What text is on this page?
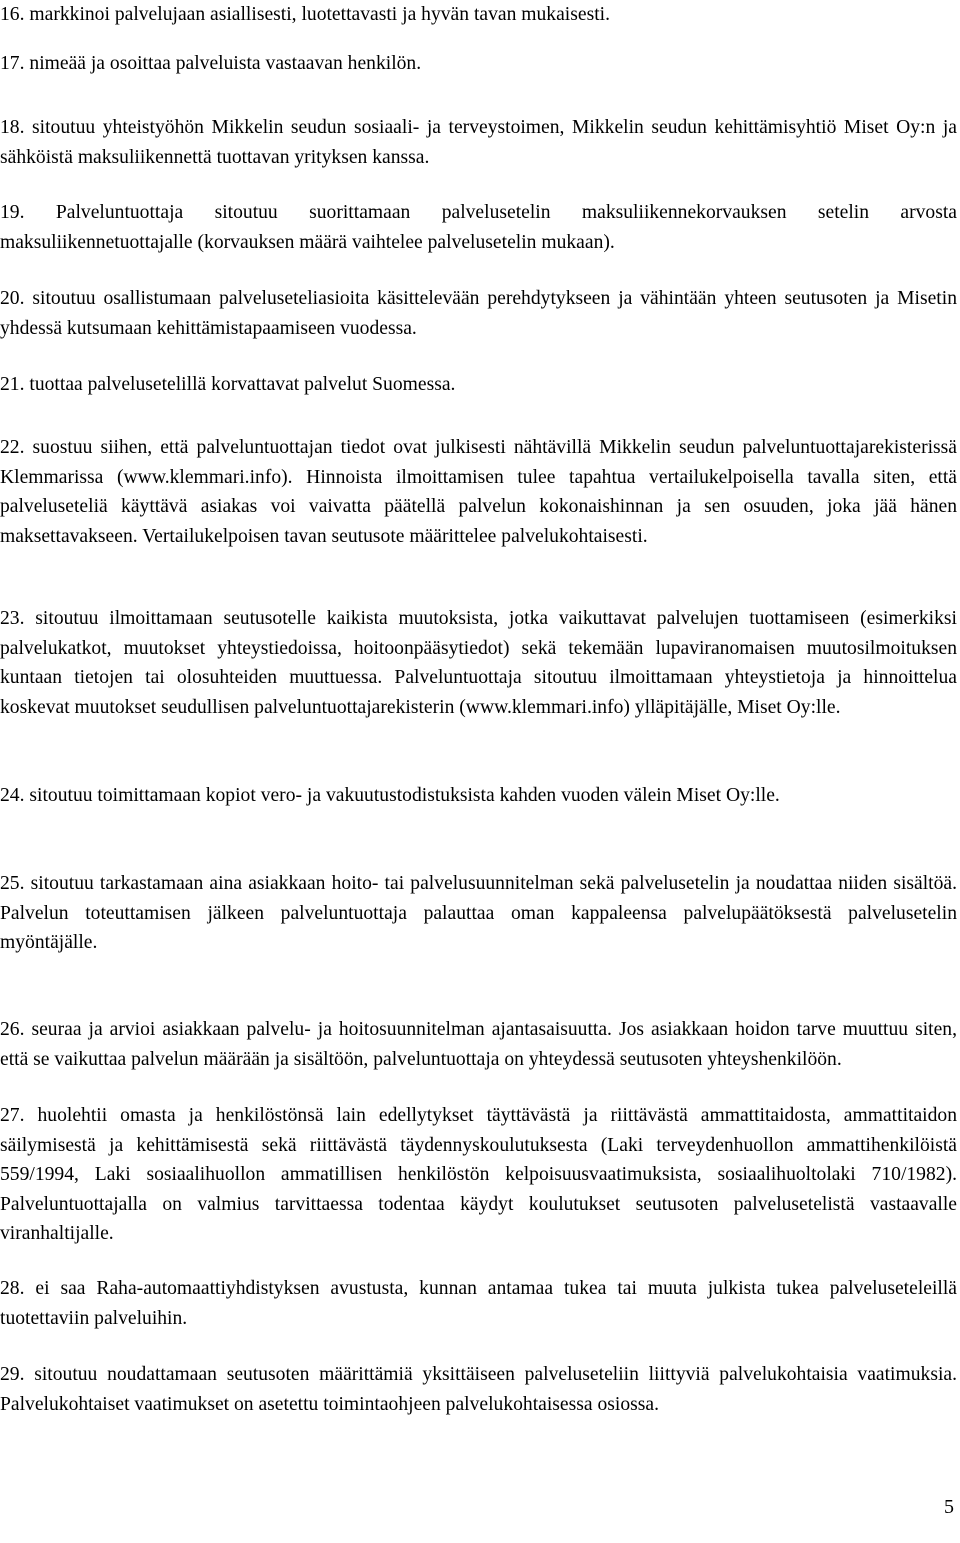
16. markkinoi palvelujaan asiallisesti, luotettavasti ja hyvän tavan mukaisesti.

17. nimeää ja osoittaa palveluista vastaavan henkilön.

18. sitoutuu yhteistyöhön Mikkelin seudun sosiaali- ja terveystoimen, Mikkelin seudun kehittämisyhtiö Miset Oy:n ja sähköistä maksuliikennettä tuottavan yrityksen kanssa.

19. Palveluntuottaja sitoutuu suorittamaan palvelusetelin maksuliikennekorvauksen setelin arvosta maksuliikennetuottajalle (korvauksen määrä vaihtelee palvelusetelin mukaan).

20. sitoutuu osallistumaan palveluseteliasioita käsittelevään perehdytykseen ja vähintään yhteen seutusoten ja Misetin yhdessä kutsumaan kehittämistapaamiseen vuodessa.

21. tuottaa palvelusetelillä korvattavat palvelut Suomessa.

22. suostuu siihen, että palveluntuottajan tiedot ovat julkisesti nähtävillä Mikkelin seudun palveluntuottajarekisterissä Klemmarissa (www.klemmari.info). Hinnoista ilmoittamisen tulee tapahtua vertailukelpoisella tavalla siten, että palveluseteliä käyttävä asiakas voi vaivatta päätellä palvelun kokonaishinnan ja sen osuuden, joka jää hänen maksettavakseen. Vertailukelpoisen tavan seutusote määrittelee palvelukohtaisesti.

23. sitoutuu ilmoittamaan seutusotelle kaikista muutoksista, jotka vaikuttavat palvelujen tuottamiseen (esimerkiksi palvelukatkot, muutokset yhteystiedoissa, hoitoonpääsytiedot) sekä tekemään lupaviranomaisen muutosilmoituksen kuntaan tietojen tai olosuhteiden muuttuessa. Palveluntuottaja sitoutuu ilmoittamaan yhteystietoja ja hinnoittelua koskevat muutokset seudullisen palveluntuottajarekisterin (www.klemmari.info) ylläpitäjälle, Miset Oy:lle.

24. sitoutuu toimittamaan kopiot vero- ja vakuutustodistuksista kahden vuoden välein Miset Oy:lle.

25. sitoutuu tarkastamaan aina asiakkaan hoito- tai palvelusuunnitelman sekä palvelusetelin ja noudattaa niiden sisältöä. Palvelun toteuttamisen jälkeen palveluntuottaja palauttaa oman kappaleensa palvelupäätöksestä palvelusetelin myöntäjälle.

26. seuraa ja arvioi asiakkaan palvelu- ja hoitosuunnitelman ajantasaisuutta. Jos asiakkaan hoidon tarve muuttuu siten, että se vaikuttaa palvelun määrään ja sisältöön, palveluntuottaja on yhteydessä seutusoten yhteyshenkilöön.

27. huolehtii omasta ja henkilöstönsä lain edellytykset täyttävästä ja riittävästä ammattitaidosta, ammattitaidon säilymisestä ja kehittämisestä sekä riittävästä täydennyskoulutuksesta (Laki terveydenhuollon ammattihenkilöistä 559/1994, Laki sosiaalihuollon ammatillisen henkilöstön kelpoisuusvaatimuksista, sosiaalihuoltolaki 710/1982). Palveluntuottajalla on valmius tarvittaessa todentaa käydyt koulutukset seutusoten palvelusetelistä vastaavalle viranhaltijalle.

28. ei saa Raha-automaattiyhdistyksen avustusta, kunnan antamaa tukea tai muuta julkista tukea palveluseteleillä tuotettaviin palveluihin.

29. sitoutuu noudattamaan seutusoten määrittämiä yksittäiseen palveluseteliin liittyviä palvelukohtaisia vaatimuksia. Palvelukohtaiset vaatimukset on asetettu toimintaohjeen palvelukohtaisessa osiossa.

5
